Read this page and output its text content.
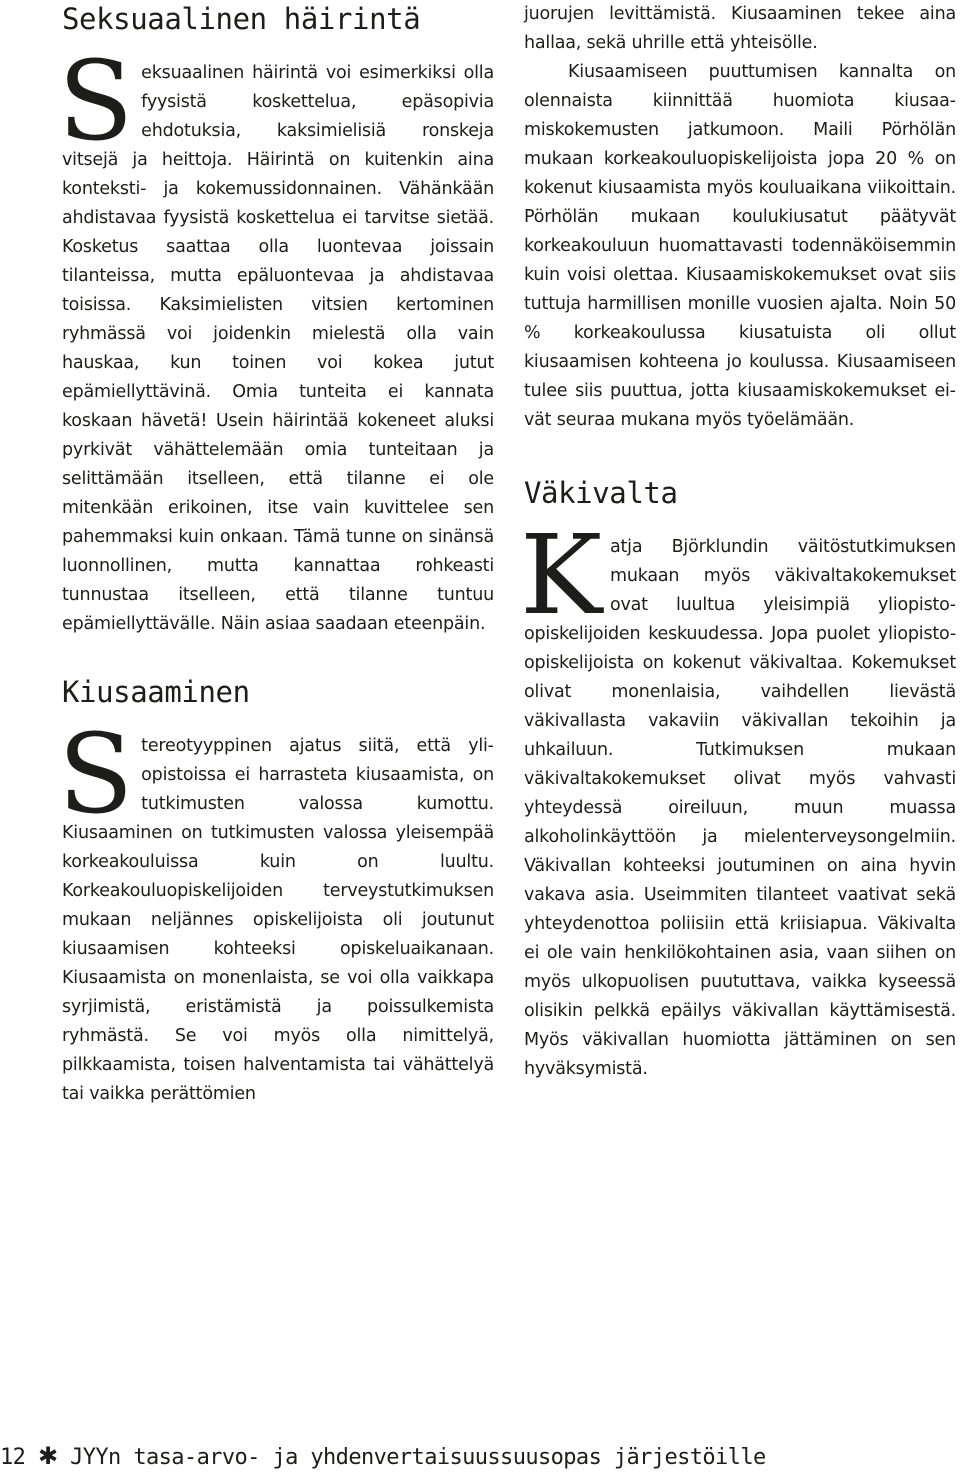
Seksuaalinen häirintä

Seksuaalinen häirintä voi esimerkiksi olla fyysistä koskettelua, epäsopivia ehdotuksia, kaksimielisiä ronskeja vitsejä ja heittoja. Häirintä on kuitenkin aina konteksti- ja kokemussidonnainen. Vähänkään ahdistavaa fyysistä koskettelua ei tarvitse sietää. Kosketus saattaa olla luontevaa joissain tilanteissa, mutta epäluontevaa ja ahdistavaa toisissa. Kaksimielisten vitsien kertominen ryhmässä voi joidenkin mielestä olla vain hauskaa, kun toinen voi kokea jutut epämiellyttävinä. Omia tunteita ei kannata koskaan hävetä! Usein häirintää kokeneet aluksi pyrkivät vähättelemään omia tunteitaan ja selittämään itselleen, että tilanne ei ole mitenkään erikoinen, itse vain kuvittelee sen pahemmaksi kuin onkaan. Tämä tunne on sinänsä luonnollinen, mutta kannattaa rohkeasti tunnustaa itselleen, että tilanne tuntuu epämiellyttävälle. Näin asiaa saadaan eteenpäin.

Kiusaaminen

Stereotyyppinen ajatus siitä, että yliopistoissa ei harrasteta kiusaamista, on tutkimusten valossa kumottu. Kiusaaminen on tutkimusten valossa yleisempää korkeakouluissa kuin on luultu. Korkeakouluopiskelijoiden terveystutkimuksen mukaan neljännes opiskelijoista oli joutunut kiusaamisen kohteeksi opiskeluaikanaan. Kiusaamista on monenlaista, se voi olla vaikkapa syrjimistä, eristämistä ja poissulkemista ryhmästä. Se voi myös olla nimittelyä, pilkkaamista, toisen halventamista tai vähättelyä tai vaikka perättömien

juorujen levittämistä. Kiusaaminen tekee aina hallaa, sekä uhrille että yhteisölle.

Kiusaamiseen puuttumisen kannalta on olennaista kiinnittää huomiota kiusaamiskokemusten jatkumoon. Maili Pörhölän mukaan korkeakouluopiskelijoista jopa 20 % on kokenut kiusaamista myös kouluaikana viikoittain. Pörhölän mukaan koulukiusatut päätyvät korkeakouluun huomattavasti todennäköisemmin kuin voisi olettaa. Kiusaamiskokemukset ovat siis tuttuja harmillisen monille vuosien ajalta. Noin 50 % korkeakoulussa kiusatuista oli ollut kiusaamisen kohteena jo koulussa. Kiusaamiseen tulee siis puuttua, jotta kiusaamiskokemukset eivät seuraa mukana myös työelämään.

Väkivalta

Katja Björklundin väitöstutkimuksen mukaan myös väkivaltakokemukset ovat luultua yleisimpiä yliopistoopiskelijoiden keskuudessa. Jopa puolet yliopisto-opiskelijoista on kokenut väkivaltaa. Kokemukset olivat monenlaisia, vaihdellen lievästä väkivallasta vakaviin väkivallan tekoihin ja uhkailuun. Tutkimuksen mukaan väkivaltakokemukset olivat myös vahvasti yhteydessä oireiluun, muun muassa alkoholinkäyttöön ja mielenterveysongelmiin. Väkivallan kohteeksi joutuminen on aina hyvin vakava asia. Useimmiten tilanteet vaativat sekä yhteydenottoa poliisiin että kriisiapua. Väkivalta ei ole vain henkilökohtainen asia, vaan siihen on myös ulkopuolisen puututtava, vaikka kyseessä olisikin pelkkä epäilys väkivallan käyttämisestä. Myös väkivallan huomiotta jättäminen on sen hyväksymistä.

12 ✱ JYYn tasa-arvo- ja yhdenvertaisuussuusopas järjestöille
